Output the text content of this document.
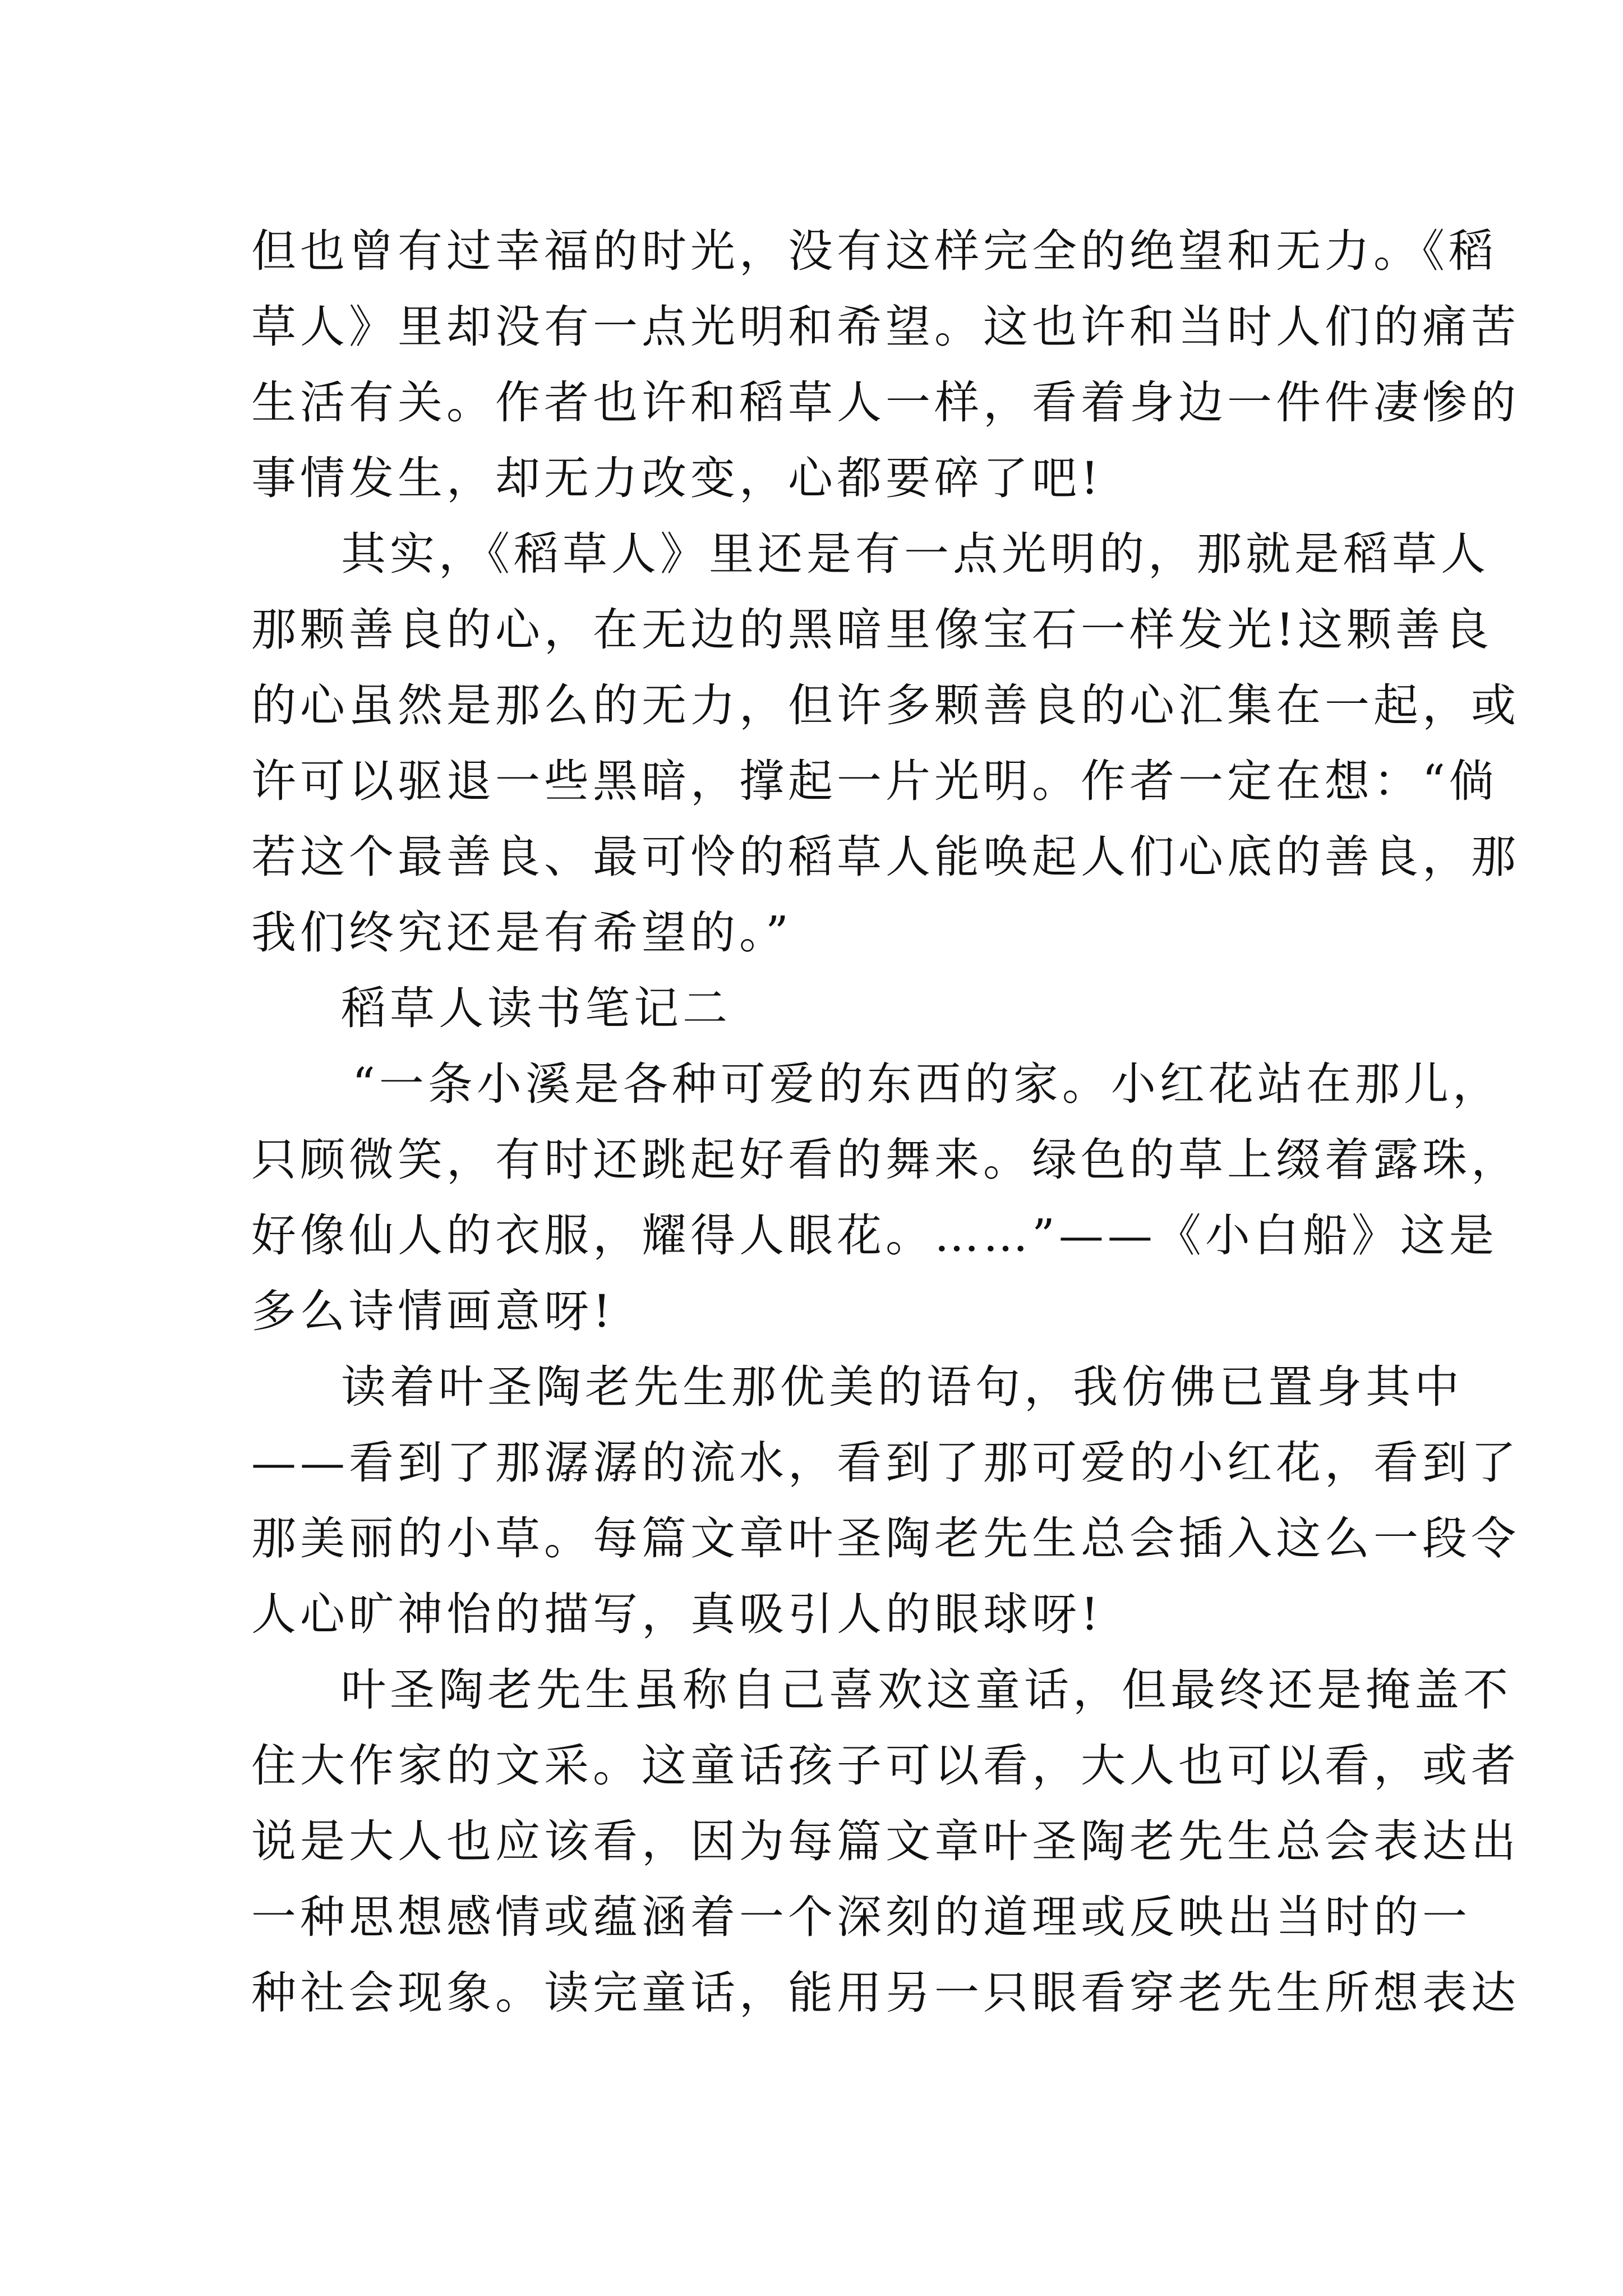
但也曾有过幸福的时光，没有这样完全的绝望和无力。《稻
草人》里却没有一点光明和希望。这也许和当时人们的痛苦
生活有关。作者也许和稻草人一样，看着身边一件件凄惨的
事情发生，却无力改变，心都要碎了吧!
其实，《稻草人》里还是有一点光明的，那就是稻草人
那颗善良的心，在无边的黑暗里像宝石一样发光!这颗善良
的心虽然是那么的无力，但许多颗善良的心汇集在一起，或
许可以驱退一些黑暗，撑起一片光明。作者一定在想：“倘
若这个最善良、最可怜的稻草人能唤起人们心底的善良，那
我们终究还是有希望的。”
稻草人读书笔记二
“一条小溪是各种可爱的东西的家。小红花站在那儿，
只顾微笑，有时还跳起好看的舞来。绿色的草上缀着露珠，
好像仙人的衣服，耀得人眼花。……”——《小白船》这是
多么诗情画意呀!
读着叶圣陶老先生那优美的语句，我仿佛已置身其中
——看到了那潺潺的流水，看到了那可爱的小红花，看到了
那美丽的小草。每篇文章叶圣陶老先生总会插入这么一段令
人心旷神怡的描写，真吸引人的眼球呀!
叶圣陶老先生虽称自己喜欢这童话，但最终还是掩盖不
住大作家的文采。这童话孩子可以看，大人也可以看，或者
说是大人也应该看，因为每篇文章叶圣陶老先生总会表达出
一种思想感情或蕴涵着一个深刻的道理或反映出当时的一
种社会现象。读完童话，能用另一只眼看穿老先生所想表达
